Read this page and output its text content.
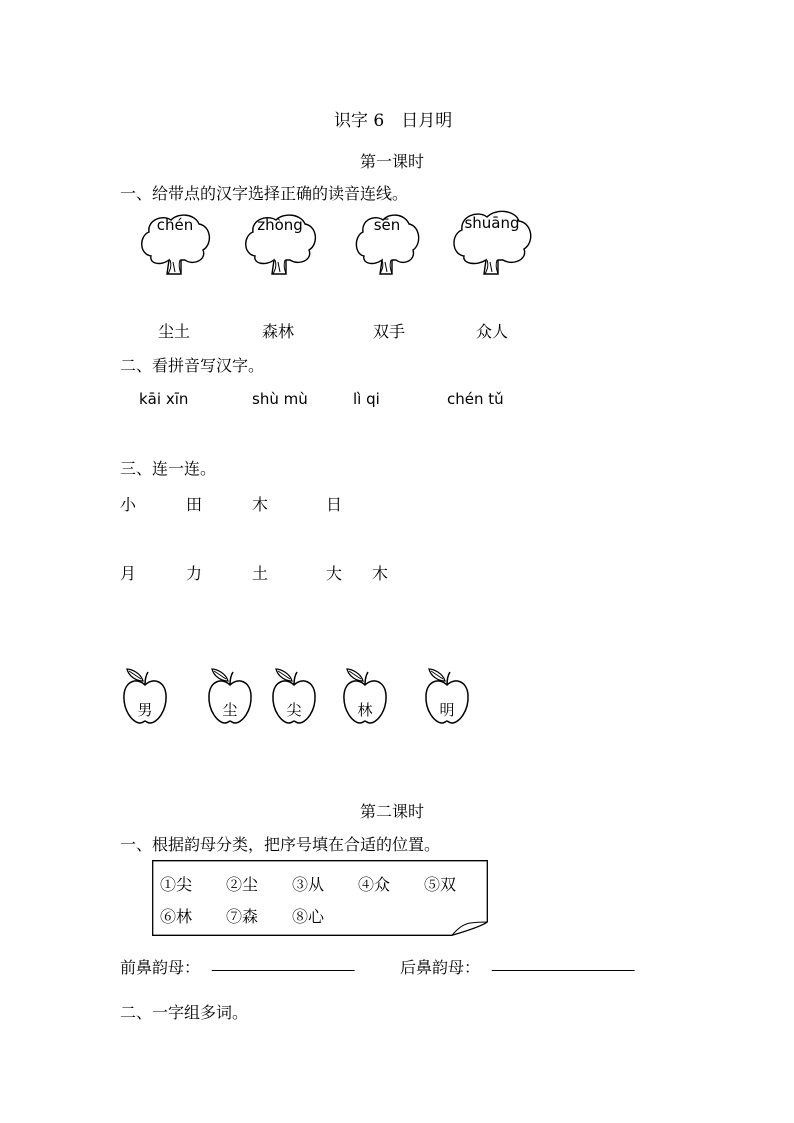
识字 6　日月明
第一课时
一、给带点的汉字选择正确的读音连线。
chén	zhòng	sēn	shuāng
尘土	森林	双手	众人
二、看拼音写汉字。
kāi xīn	shù mù	lì qi	chén tǔ
三、连一连。
小	田	木	日
月	力	土	大 木
男	尘	尖	林	明
第二课时
一、根据韵母分类，把序号填在合适的位置。
①尖 ②尘 ③从 ④众 ⑤双
⑥林 ⑦森 ⑧心
前鼻韵母： ________________	后鼻韵母： ________________
二、一字组多词。
